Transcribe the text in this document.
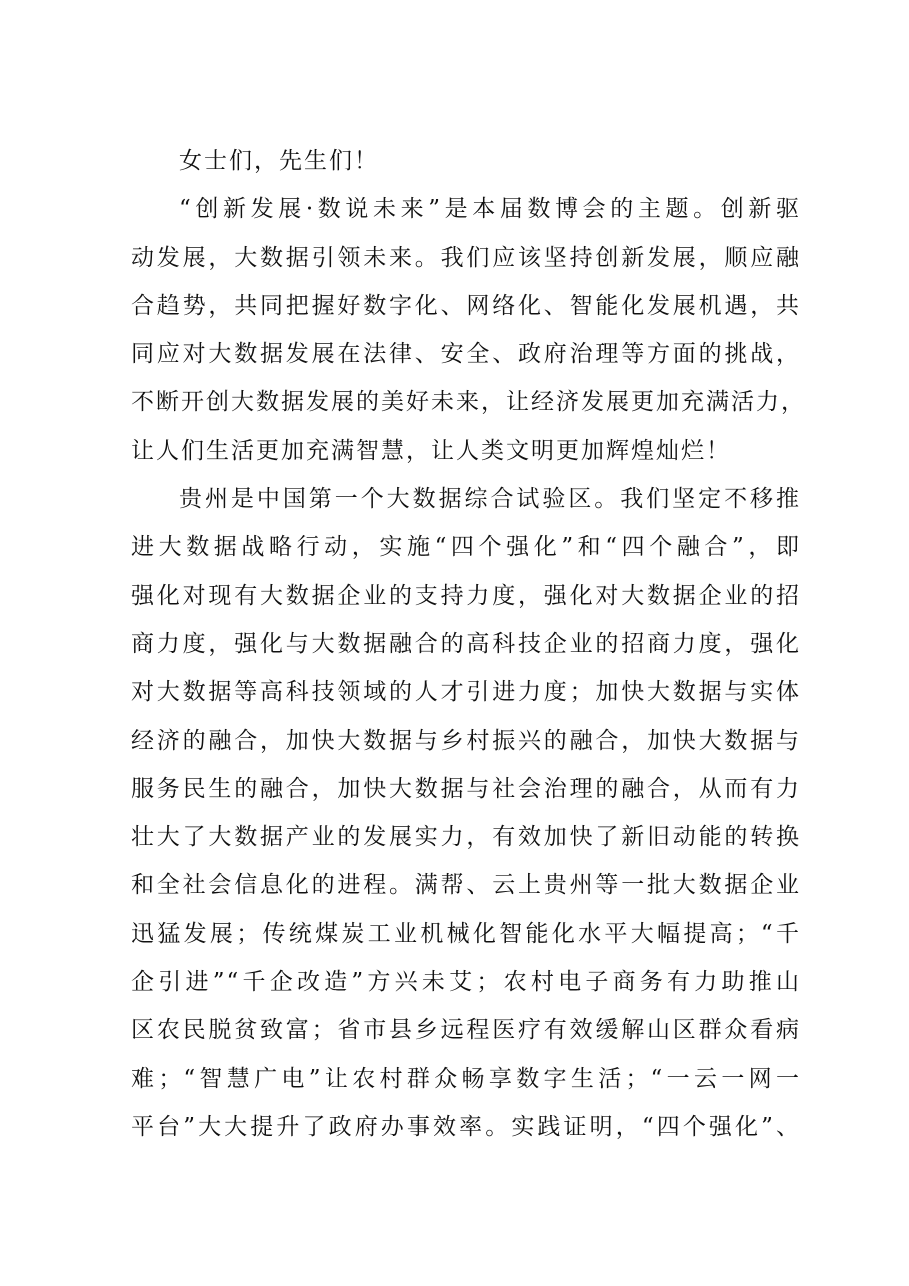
女士们，先生们！
“创新发展·数说未来”是本届数博会的主题。创新驱
动发展，大数据引领未来。我们应该坚持创新发展，顺应融
合趋势，共同把握好数字化、网络化、智能化发展机遇，共
同应对大数据发展在法律、安全、政府治理等方面的挑战，
不断开创大数据发展的美好未来，让经济发展更加充满活力，
让人们生活更加充满智慧，让人类文明更加辉煌灿烂！
贵州是中国第一个大数据综合试验区。我们坚定不移推
进大数据战略行动，实施“四个强化”和“四个融合”，即
强化对现有大数据企业的支持力度，强化对大数据企业的招
商力度，强化与大数据融合的高科技企业的招商力度，强化
对大数据等高科技领域的人才引进力度；加快大数据与实体
经济的融合，加快大数据与乡村振兴的融合，加快大数据与
服务民生的融合，加快大数据与社会治理的融合，从而有力
壮大了大数据产业的发展实力，有效加快了新旧动能的转换
和全社会信息化的进程。满帮、云上贵州等一批大数据企业
迅猛发展；传统煤炭工业机械化智能化水平大幅提高；“千
企引进”“千企改造”方兴未艾；农村电子商务有力助推山
区农民脱贫致富；省市县乡远程医疗有效缓解山区群众看病
难；“智慧广电”让农村群众畅享数字生活；“一云一网一
平台”大大提升了政府办事效率。实践证明，“四个强化”、
